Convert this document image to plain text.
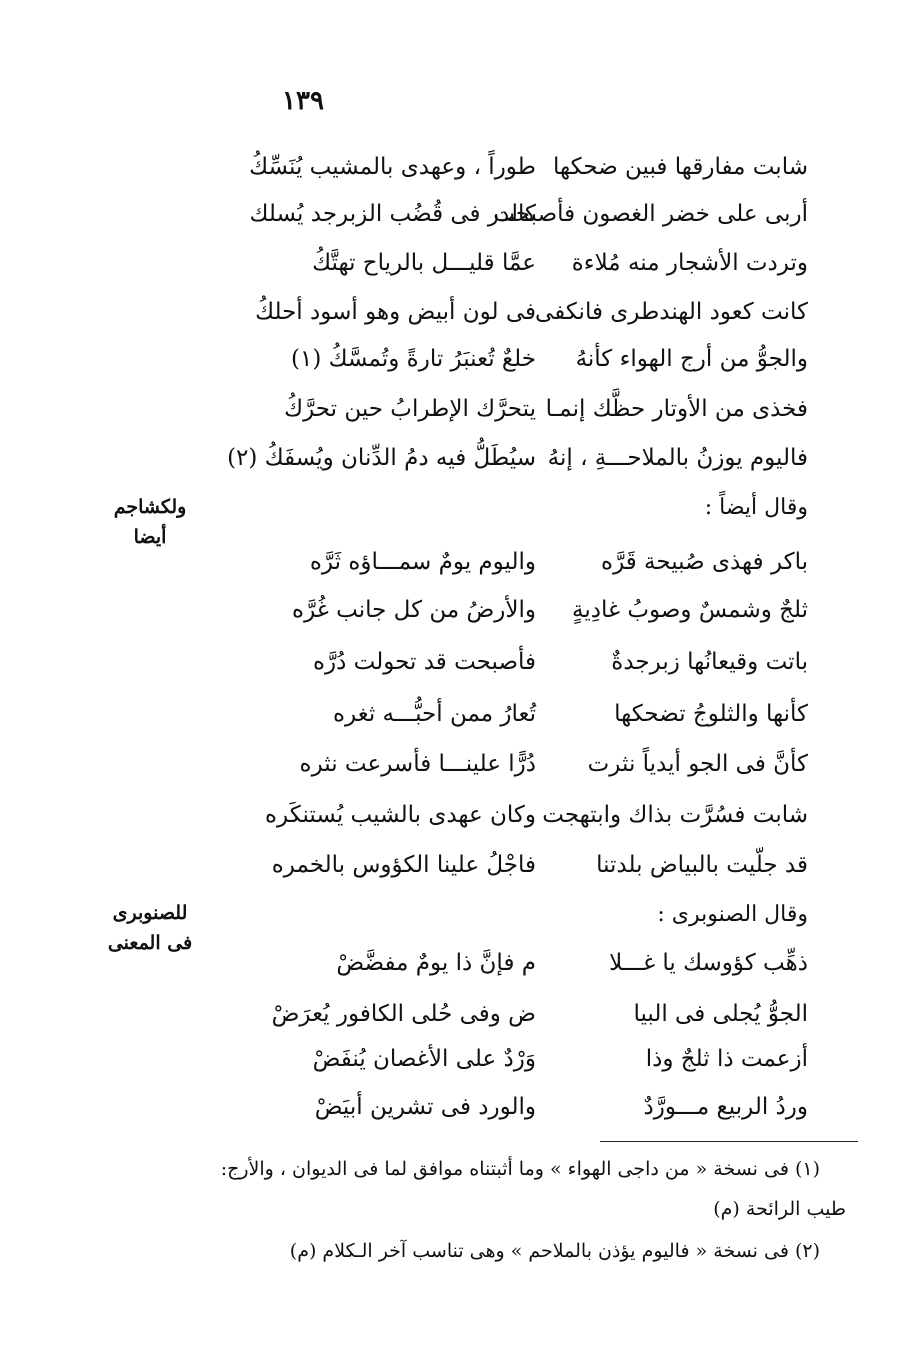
١٣٩
شابت مفارقها فبين ضحكها
طوراً ، وعهدى بالمشيب يُنَسِّكُ
أربى على خضر الغصون فأصبحت
كالدر فى قُضُب الزبرجد يُسلك
وتردت الأشجار منه مُلاءة
عمَّا قليـــل بالرياح تهتَّكُ
كانت كعود الهندطرى فانكفى
فى لون أبيض وهو أسود أحلكُ
والجوُّ من أرج الهواء كأنهُ
خلعٌ تُعنبَرُ تارةً وتُمسَّكُ (١)
فخذى من الأوتار حظَّك إنمـا
يتحرَّك الإطرابُ حين تحرَّكُ
فاليوم يوزنُ بالملاحـــةِ ، إنهُ
سيُطَلُّ فيه دمُ الدِّنان ويُسفَكُ (٢)
وقال أيضاً :
ولكشاجم
أيضا
باكر فهذى صُبيحة قَرَّه
واليوم يومٌ سمـــاؤه ثَرَّه
ثلجٌ وشمسٌ وصوبُ غادِيةٍ
والأرضُ من كل جانب غُرَّه
باتت وقيعانُها زبرجدةٌ
فأصبحت قد تحولت دُرَّه
كأنها والثلوجُ تضحكها
تُعارُ ممن أحبُّـــه ثغره
كأنَّ فى الجو أيدياً نثرت
دُرًّا علينـــا فأسرعت نثره
شابت فسُرَّت بذاك وابتهجت
وكان عهدى بالشيب يُستنكَره
قد جلّيت بالبياض بلدتنا
فاجْلُ علينا الكؤوس بالخمره
وقال الصنوبرى :
للصنوبرى
فى المعنى
ذهِّب كؤوسك يا غـــلا
م فإنَّ ذا يومٌ مفضَّضْ
الجوُّ يُجلى فى البيا
ض وفى حُلى الكافور يُعرَضْ
أزعمت ذا ثلجٌ وذا
وَرْدٌ على الأغصان يُنفَضْ
وردُ الربيع مـــورَّدٌ
والورد فى تشرين أبيَضْ
(١) فى نسخة « من داجى الهواء » وما أثبتناه موافق لما فى الديوان ، والأرج:
طيب الرائحة (م)
(٢) فى نسخة « فاليوم يؤذن بالملاحم » وهى تناسب آخر الـكلام (م)
